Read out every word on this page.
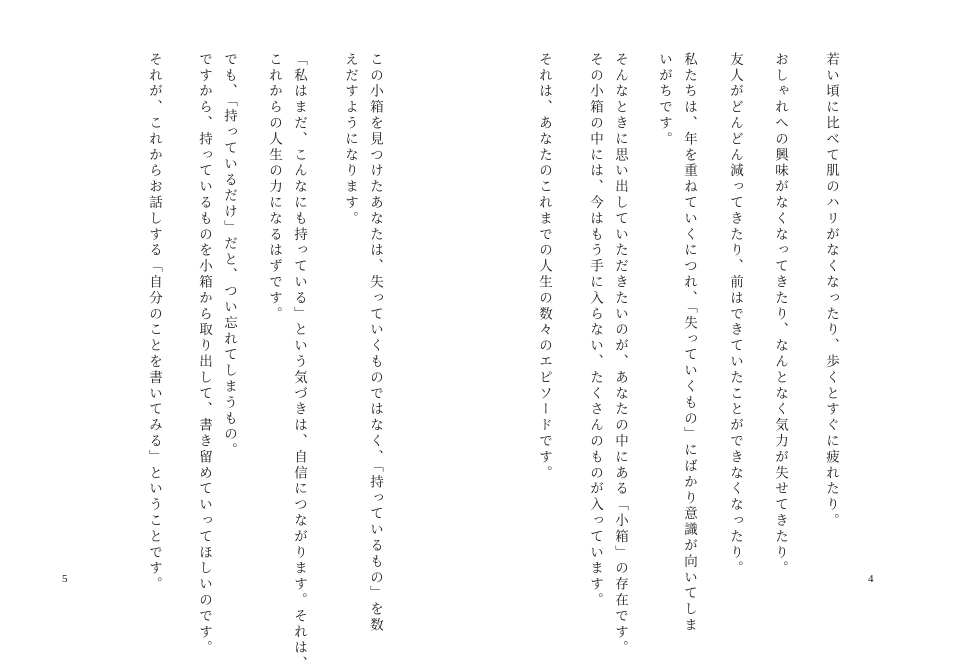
若い頃に比べて肌のハリがなくなったり、歩くとすぐに疲れたり。
おしゃれへの興味がなくなってきたり、なんとなく気力が失せてきたり。
友人がどんどん減ってきたり、前はできていたことができなくなったり。
私たちは、年を重ねていくにつれ、「失っていくもの」にばかり意識が向いてしま
いがちです。
そんなときに思い出していただきたいのが、あなたの中にある「小箱」の存在です。
その小箱の中には、今はもう手に入らない、たくさんのものが入っています。
それは、あなたのこれまでの人生の数々のエピソードです。
4
この小箱を見つけたあなたは、失っていくものではなく、「持っているもの」を数
えだすようになります。
「私はまだ、こんなにも持っている」という気づきは、自信につながります。それは、
これからの人生の力になるはずです。
でも、「持っているだけ」だと、つい忘れてしまうもの。
ですから、持っているものを小箱から取り出して、書き留めていってほしいのです。
それが、これからお話しする「自分のことを書いてみる」ということです。
5
